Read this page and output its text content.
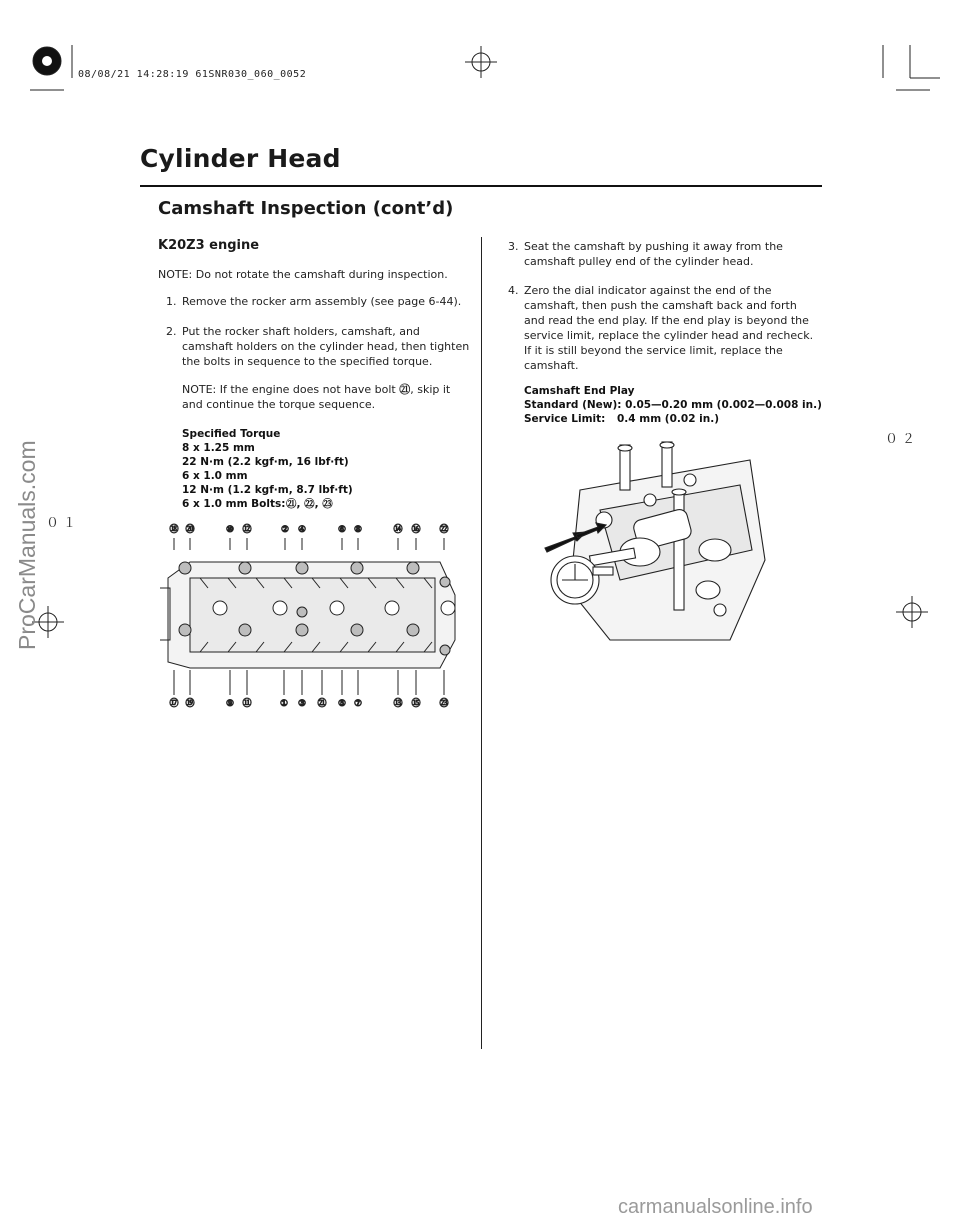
08/08/21 14:28:19 61SNR030_060_0052
Cylinder Head
Camshaft Inspection (cont’d)
K20Z3 engine
NOTE: Do not rotate the camshaft during inspection.
1. Remove the rocker arm assembly (see page 6-44).
2. Put the rocker shaft holders, camshaft, and
camshaft holders on the cylinder head, then tighten
the bolts in sequence to the specified torque.
NOTE: If the engine does not have bolt ㉑, skip it
and continue the torque sequence.
Specified Torque
8 x 1.25 mm
22 N·m (2.2 kgf·m, 16 lbf·ft)
6 x 1.0 mm
12 N·m (1.2 kgf·m, 8.7 lbf·ft)
6 x 1.0 mm Bolts: ㉑, ㉒, ㉓
⑱ ⑳	⑩ ⑫	② ④	⑥ ⑧	⑭ ⑯ ㉒
⑰ ⑲	⑨ ⑪	① ③ ㉑ ⑤ ⑦	⑬ ⑮ ㉓
3. Seat the camshaft by pushing it away from the
camshaft pulley end of the cylinder head.
4. Zero the dial indicator against the end of the
camshaft, then push the camshaft back and forth
and read the end play. If the end play is beyond the
service limit, replace the cylinder head and recheck.
If it is still beyond the service limit, replace the
camshaft.
Camshaft End Play
Standard (New): 0.05—0.20 mm (0.002—0.008 in.)
Service Limit: 0.4 mm (0.02 in.)
０２
０１
ProCarManuals.com
carmanualsonline.info
